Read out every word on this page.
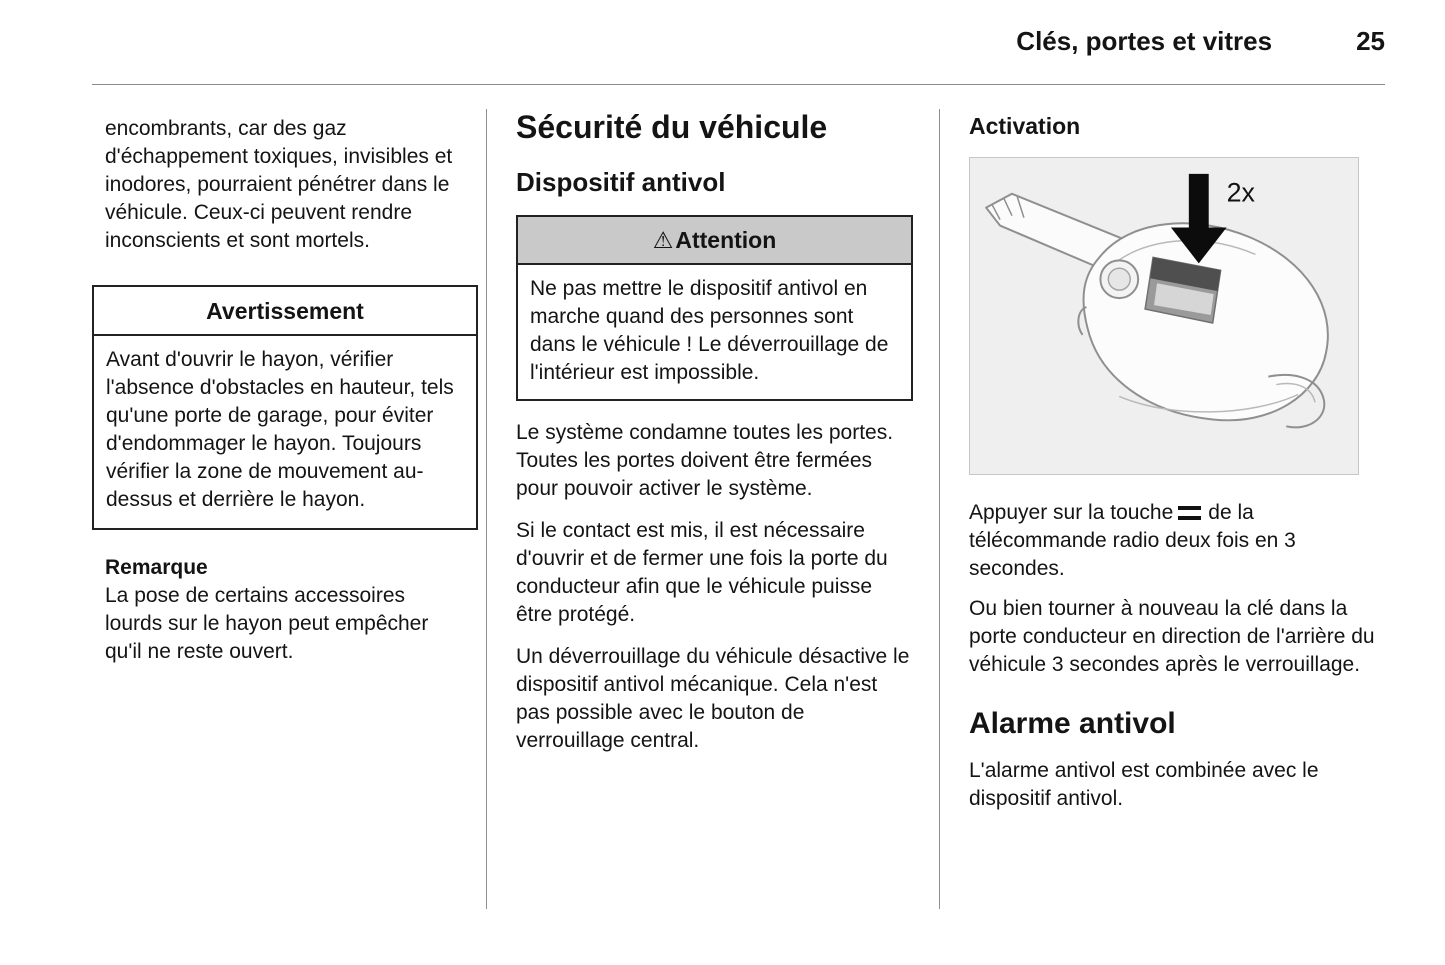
Clés, portes et vitres	25

encombrants, car des gaz d'échappement toxiques, invisibles et inodores, pourraient pénétrer dans le véhicule. Ceux-ci peuvent rendre inconscients et sont mortels.

Avertissement
Avant d'ouvrir le hayon, vérifier l'absence d'obstacles en hauteur, tels qu'une porte de garage, pour éviter d'endommager le hayon. Toujours vérifier la zone de mouvement au-dessus et derrière le hayon.
Remarque
La pose de certains accessoires lourds sur le hayon peut empêcher qu'il ne reste ouvert.
Sécurité du véhicule
Dispositif antivol
⚠Attention
Ne pas mettre le dispositif antivol en marche quand des personnes sont dans le véhicule ! Le déverrouillage de l'intérieur est impossible.

Le système condamne toutes les portes. Toutes les portes doivent être fermées pour pouvoir activer le système.

Si le contact est mis, il est nécessaire d'ouvrir et de fermer une fois la porte du conducteur afin que le véhicule puisse être protégé.

Un déverrouillage du véhicule désactive le dispositif antivol mécanique. Cela n'est pas possible avec le bouton de verrouillage central.

Activation
2x

Appuyer sur la touche de la télécommande radio deux fois en 3 secondes.

Ou bien tourner à nouveau la clé dans la porte conducteur en direction de l'arrière du véhicule 3 secondes après le verrouillage.

Alarme antivol

L'alarme antivol est combinée avec le dispositif antivol.
